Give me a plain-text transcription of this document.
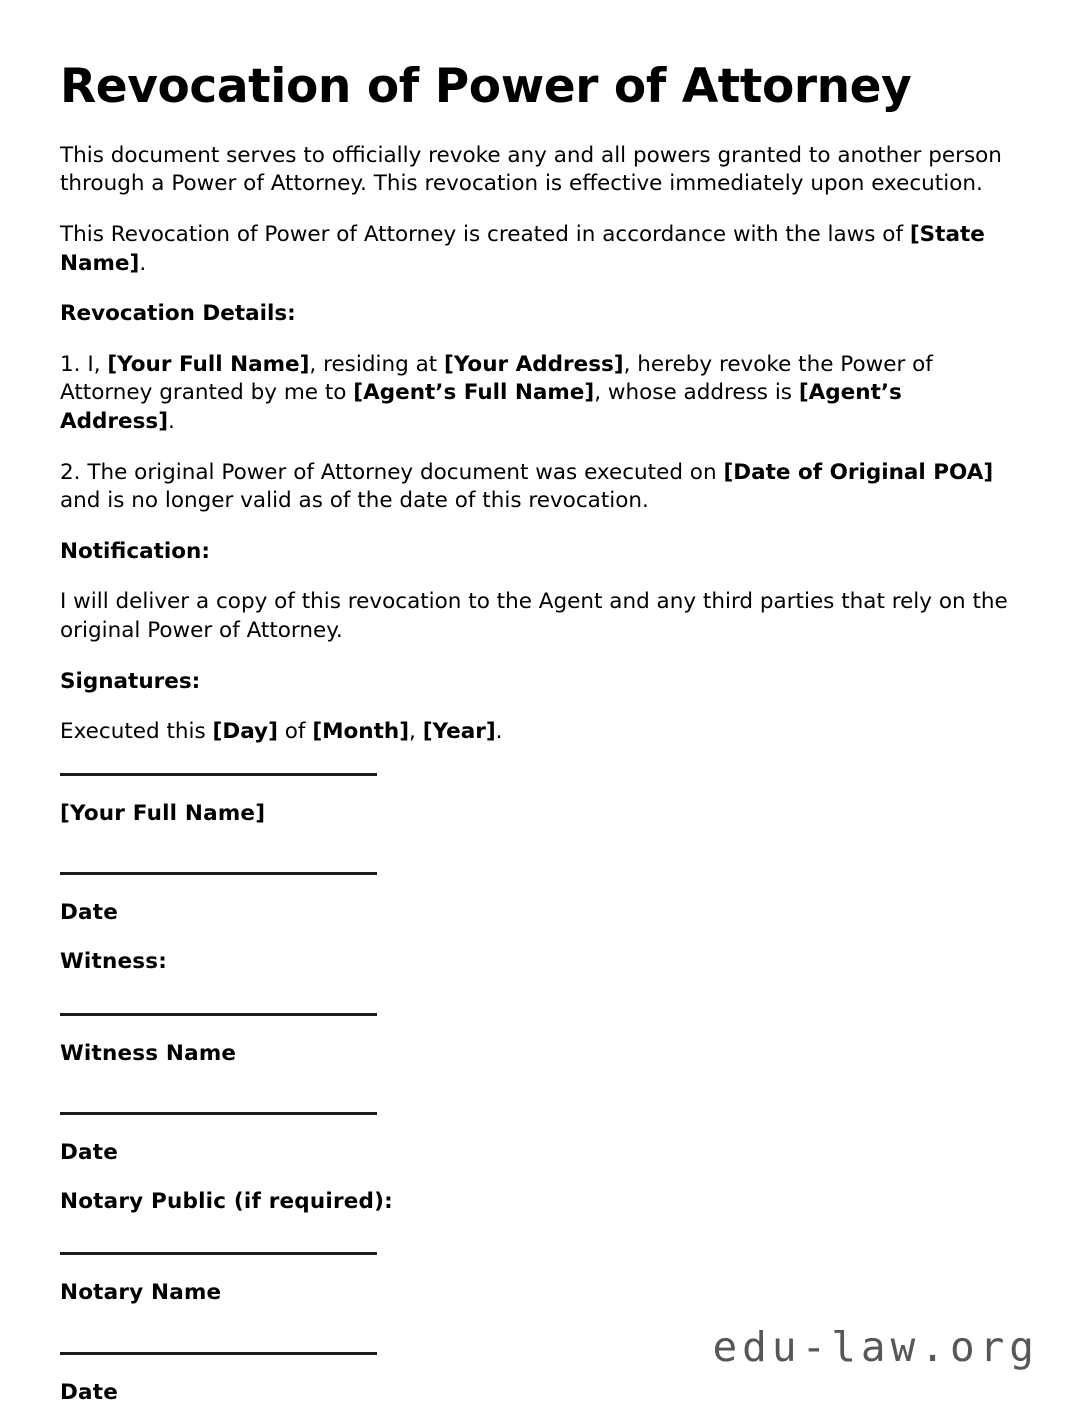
Revocation of Power of Attorney

This document serves to officially revoke any and all powers granted to another person through a Power of Attorney. This revocation is effective immediately upon execution.

This Revocation of Power of Attorney is created in accordance with the laws of [State Name].

Revocation Details:

1. I, [Your Full Name], residing at [Your Address], hereby revoke the Power of Attorney granted by me to [Agent’s Full Name], whose address is [Agent’s Address].

2. The original Power of Attorney document was executed on [Date of Original POA] and is no longer valid as of the date of this revocation.

Notification:

I will deliver a copy of this revocation to the Agent and any third parties that rely on the original Power of Attorney.

Signatures:

Executed this [Day] of [Month], [Year].

[Your Full Name]
Date
Witness:
Witness Name
Date
Notary Public (if required):
Notary Name
Date
edu-law.org
